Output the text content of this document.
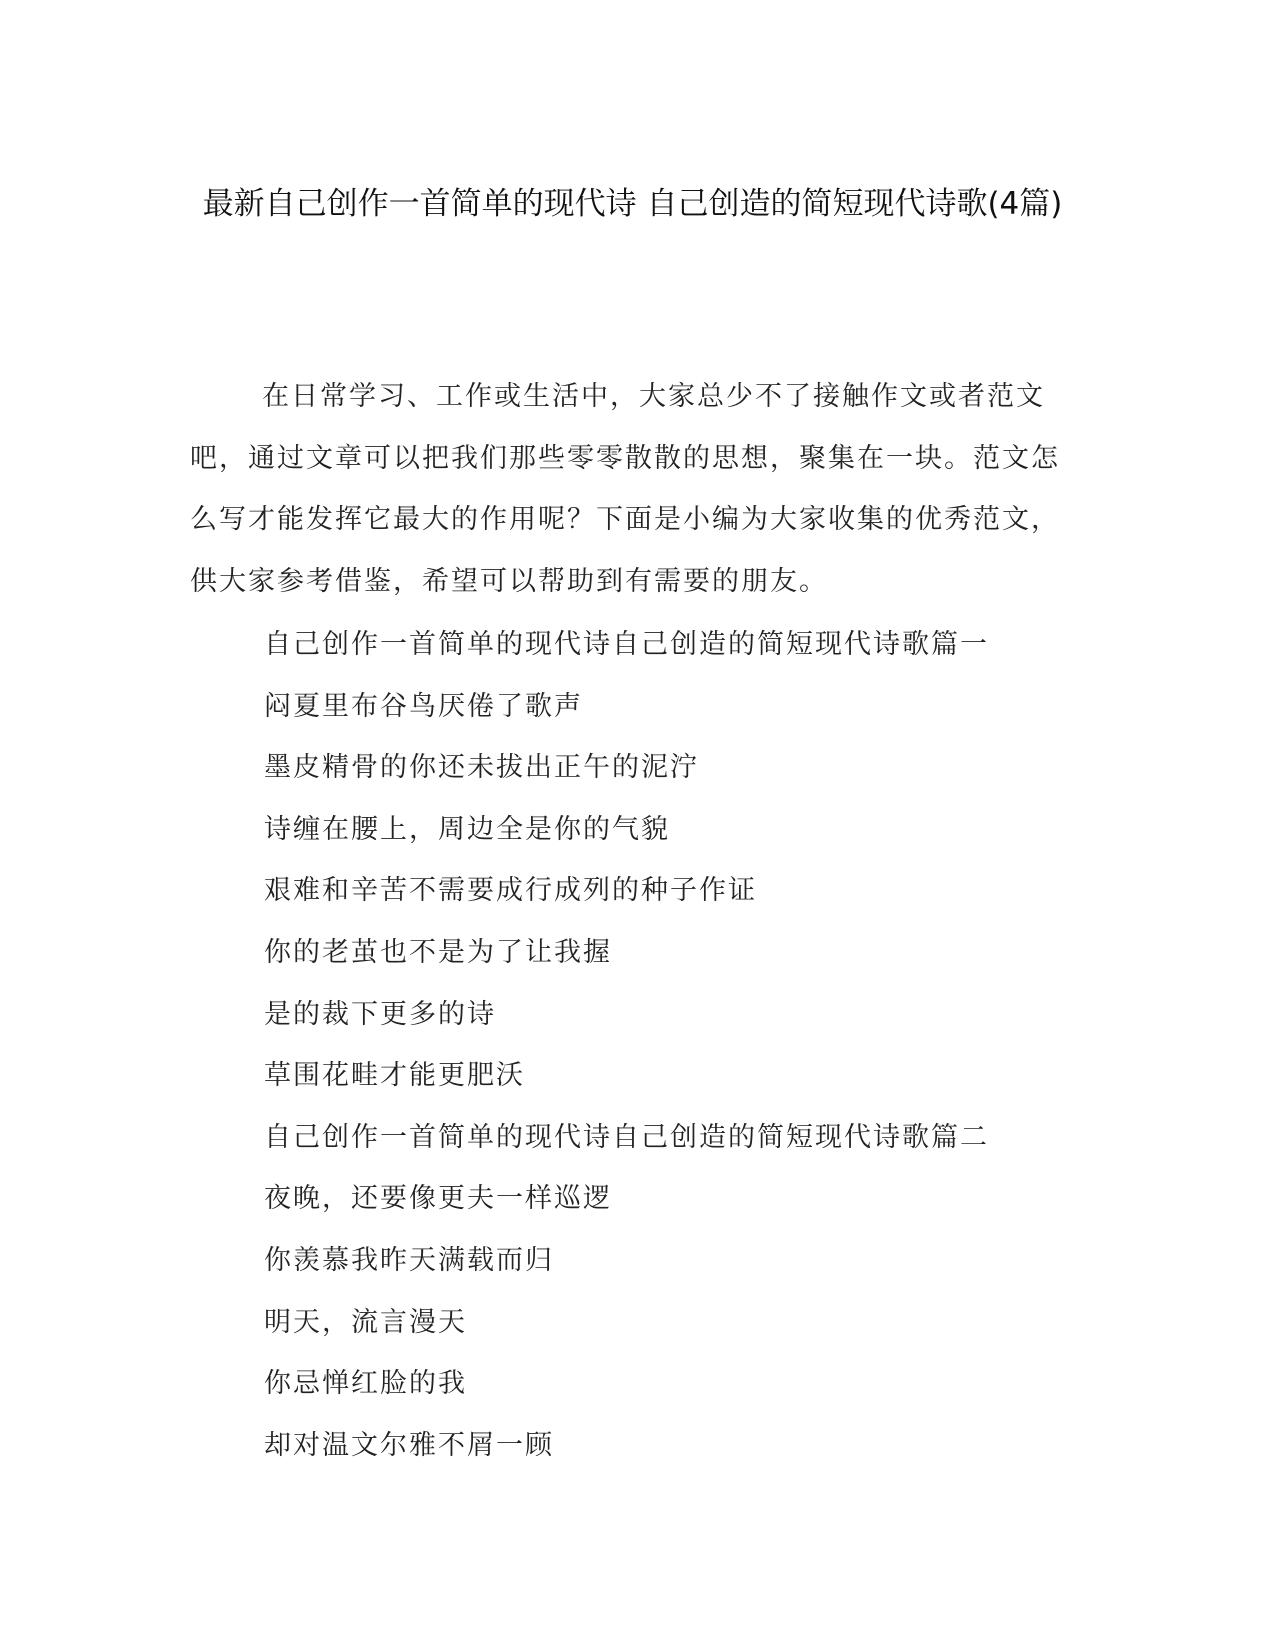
最新自己创作一首简单的现代诗 自己创造的简短现代诗歌(4篇)

在日常学习、工作或生活中，大家总少不了接触作文或者范文吧，通过文章可以把我们那些零零散散的思想，聚集在一块。范文怎么写才能发挥它最大的作用呢？下面是小编为大家收集的优秀范文，供大家参考借鉴，希望可以帮助到有需要的朋友。

自己创作一首简单的现代诗自己创造的简短现代诗歌篇一
闷夏里布谷鸟厌倦了歌声
墨皮精骨的你还未拔出正午的泥泞
诗缠在腰上，周边全是你的气貌
艰难和辛苦不需要成行成列的种子作证
你的老茧也不是为了让我握
是的裁下更多的诗
草围花畦才能更肥沃
自己创作一首简单的现代诗自己创造的简短现代诗歌篇二
夜晚，还要像更夫一样巡逻
你羡慕我昨天满载而归
明天，流言漫天
你忌惮红脸的我
却对温文尔雅不屑一顾
